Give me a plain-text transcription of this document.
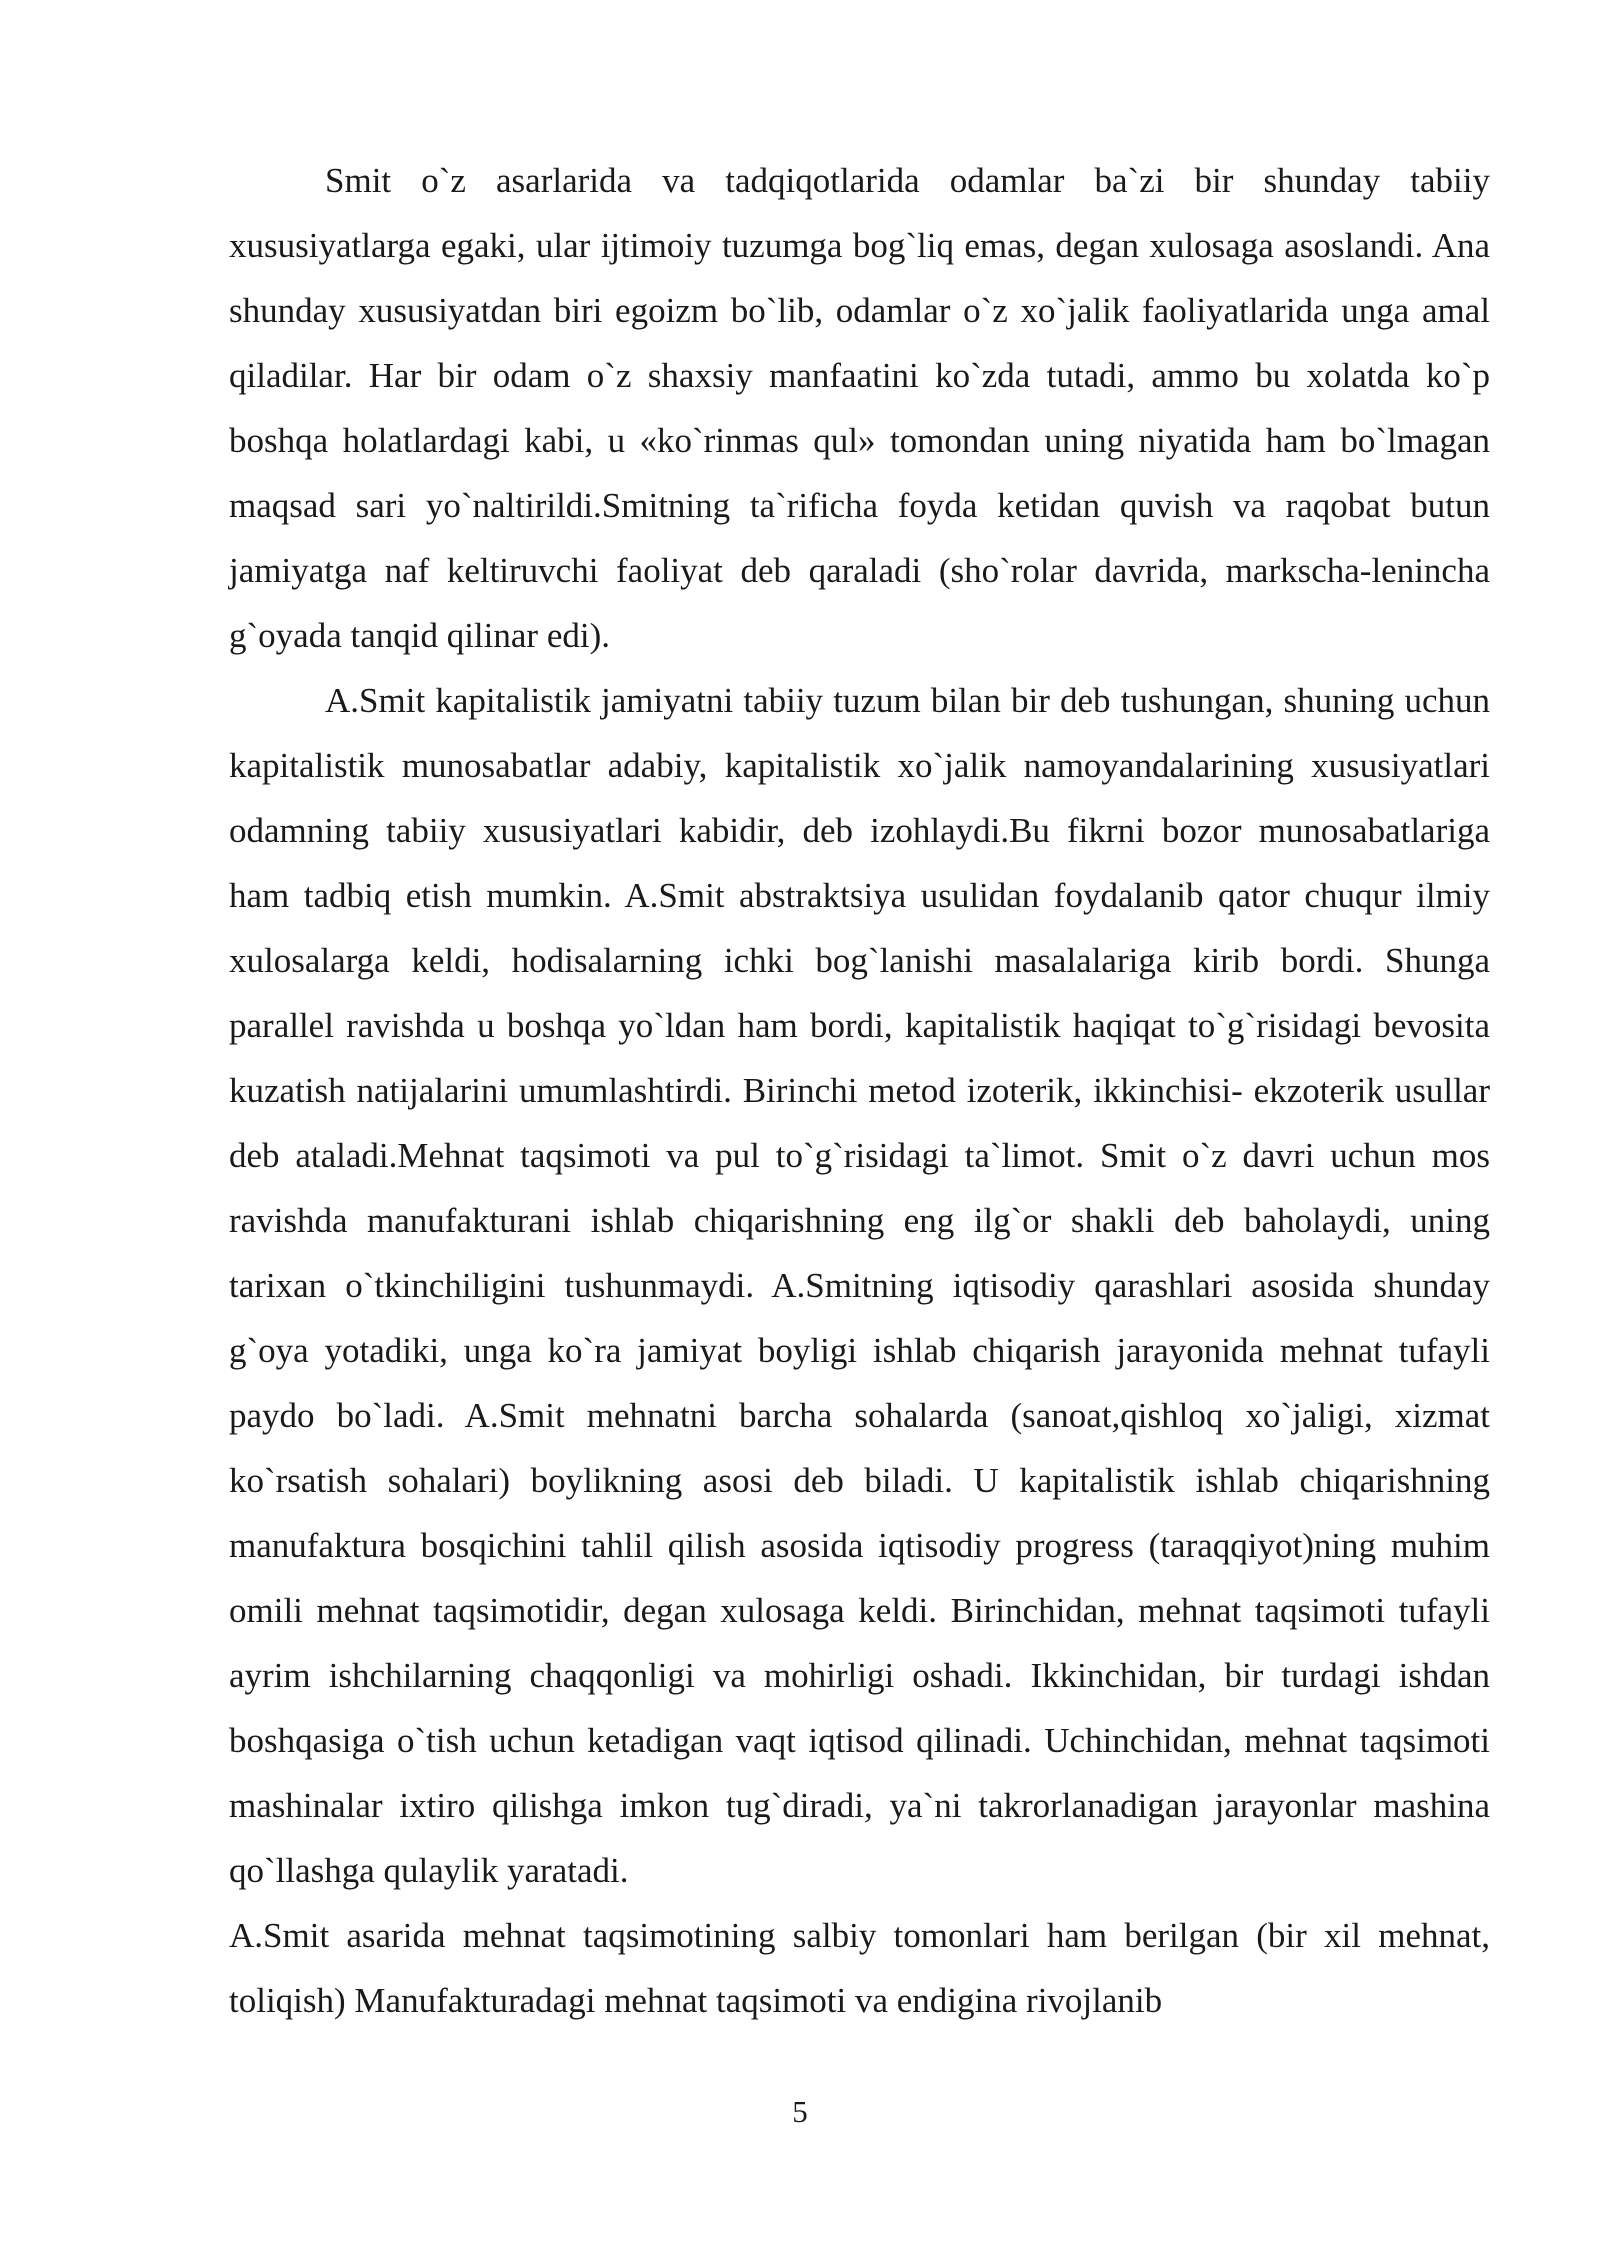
Smit o`z asarlarida va tadqiqotlarida odamlar ba`zi bir shunday tabiiy xususiyatlarga egaki, ular ijtimoiy tuzumga bog`liq emas, degan xulosaga asoslandi. Ana shunday xususiyatdan biri egoizm bo`lib, odamlar o`z xo`jalik faoliyatlarida unga amal qiladilar. Har bir odam o`z shaxsiy manfaatini ko`zda tutadi, ammo bu xolatda ko`p boshqa holatlardagi kabi, u «ko`rinmas qul» tomondan uning niyatida ham bo`lmagan maqsad sari yo`naltirildi.Smitning ta`rificha foyda ketidan quvish va raqobat butun jamiyatga naf keltiruvchi faoliyat deb qaraladi (sho`rolar davrida, markscha-lenincha g`oyada tanqid qilinar edi).

A.Smit kapitalistik jamiyatni tabiiy tuzum bilan bir deb tushungan, shuning uchun kapitalistik munosabatlar adabiy, kapitalistik xo`jalik namoyandalarining xususiyatlari odamning tabiiy xususiyatlari kabidir, deb izohlaydi.Bu fikrni bozor munosabatlariga ham tadbiq etish mumkin. A.Smit abstraktsiya usulidan foydalanib qator chuqur ilmiy xulosalarga keldi, hodisalarning ichki bog`lanishi masalalariga kirib bordi. Shunga parallel ravishda u boshqa yo`ldan ham bordi, kapitalistik haqiqat to`g`risidagi bevosita kuzatish natijalarini umumlashtirdi. Birinchi metod izoterik, ikkinchisi- ekzoterik usullar deb ataladi.Mehnat taqsimoti va pul to`g`risidagi ta`limot. Smit o`z davri uchun mos ravishda manufakturani ishlab chiqarishning eng ilg`or shakli deb baholaydi, uning tarixan o`tkinchiligini tushunmaydi. A.Smitning iqtisodiy qarashlari asosida shunday g`oya yotadiki, unga ko`ra jamiyat boyligi ishlab chiqarish jarayonida mehnat tufayli paydo bo`ladi. A.Smit mehnatni barcha sohalarda (sanoat,qishloq xo`jaligi, xizmat ko`rsatish sohalari) boylikning asosi deb biladi. U kapitalistik ishlab chiqarishning manufaktura bosqichini tahlil qilish asosida iqtisodiy progress (taraqqiyot)ning muhim omili mehnat taqsimotidir, degan xulosaga keldi. Birinchidan, mehnat taqsimoti tufayli ayrim ishchilarning chaqqonligi va mohirligi oshadi. Ikkinchidan, bir turdagi ishdan boshqasiga o`tish uchun ketadigan vaqt iqtisod qilinadi. Uchinchidan, mehnat taqsimoti mashinalar ixtiro qilishga imkon tug`diradi, ya`ni takrorlanadigan jarayonlar mashina qo`llashga qulaylik yaratadi.

A.Smit asarida mehnat taqsimotining salbiy tomonlari ham berilgan (bir xil mehnat, toliqish) Manufakturadagi mehnat taqsimoti va endigina rivojlanib

5
